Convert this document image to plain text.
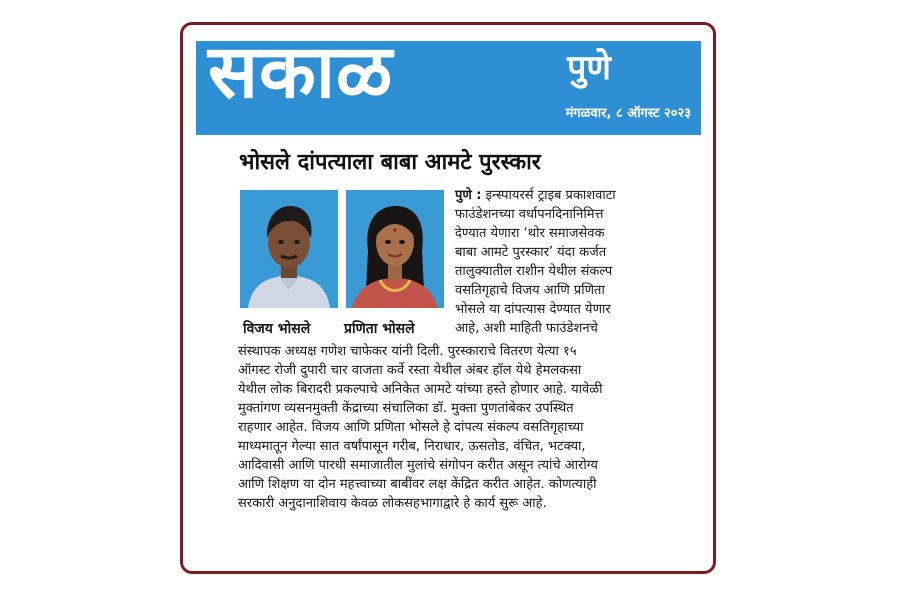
सकाळ	पुणे
मंगळवार, ८ ऑगस्ट २०२३
भोसले दांपत्याला बाबा आमटे पुरस्कार
विजय भोसले प्रणिता भोसले
पुणे : इन्स्पायरर्स ट्राइब प्रकाशवाटा
फाउंडेशनच्या वर्धापनदिनानिमित्त
देण्यात येणारा ‘थोर समाजसेवक
बाबा आमटे पुरस्कार’ यंदा कर्जत
तालुक्यातील राशीन येथील संकल्प
वसतिगृहाचे विजय आणि प्रणिता
भोसले या दांपत्यास देण्यात येणार
आहे, अशी माहिती फाउंडेशनचे
संस्थापक अध्यक्ष गणेश चाफेकर यांनी दिली. पुरस्काराचे वितरण येत्या १५
ऑगस्ट रोजी दुपारी चार वाजता कर्वे रस्ता येथील अंबर हॉल येथे हेमलकसा
येथील लोक बिरादरी प्रकल्पाचे अनिकेत आमटे यांच्या हस्ते होणार आहे. यावेळी
मुक्तांगण व्यसनमुक्ती केंद्राच्या संचालिका डॉ. मुक्ता पुणतांबेकर उपस्थित
राहणार आहेत. विजय आणि प्रणिता भोसले हे दांपत्य संकल्प वसतिगृहाच्या
माध्यमातून गेल्या सात वर्षांपासून गरीब, निराधार, ऊसतोड, वंचित, भटक्या,
आदिवासी आणि पारधी समाजातील मुलांचे संगोपन करीत असून त्यांचे आरोग्य
आणि शिक्षण या दोन महत्त्वाच्या बाबींवर लक्ष केंद्रित करीत आहेत. कोणत्याही
सरकारी अनुदानाशिवाय केवळ लोकसहभागाद्वारे हे कार्य सुरू आहे.
